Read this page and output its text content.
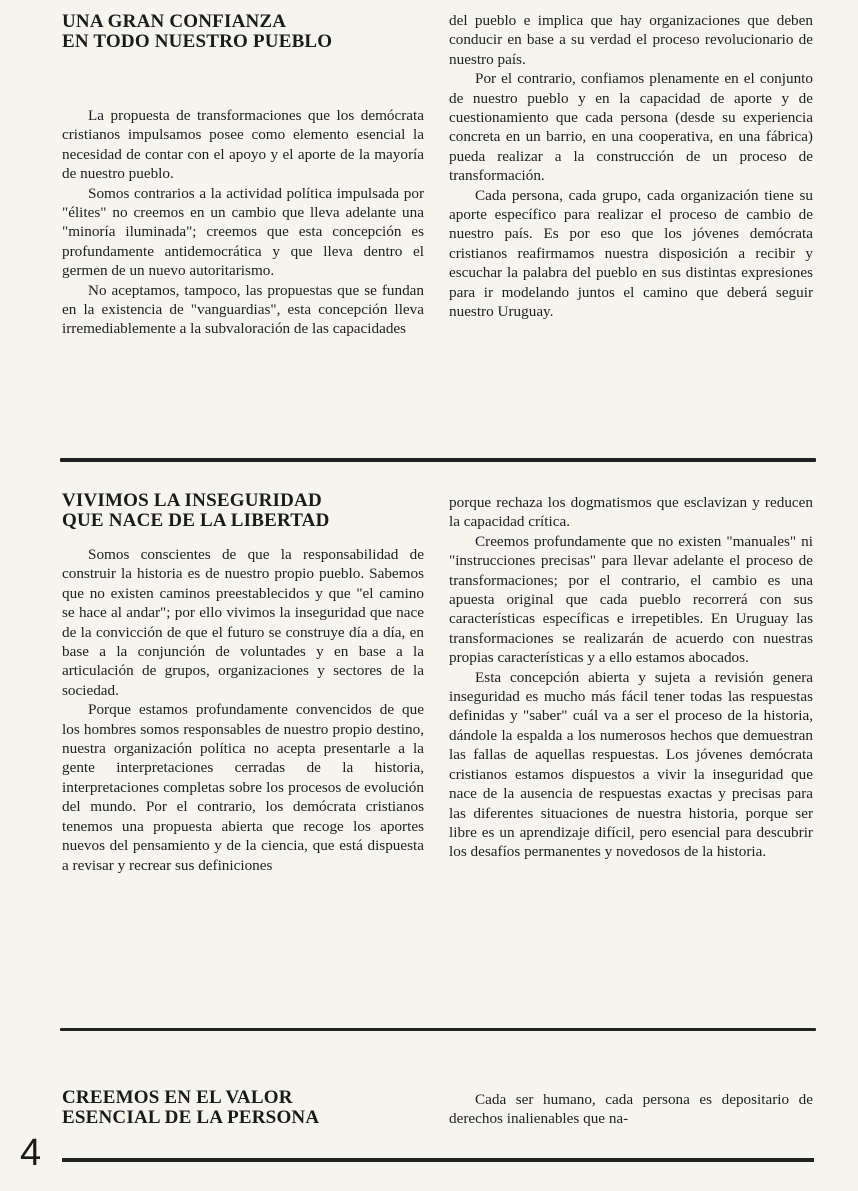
UNA GRAN CONFIANZA
EN TODO NUESTRO PUEBLO

La propuesta de transformaciones que los demócrata cristianos impulsamos posee como elemento esencial la necesidad de contar con el apoyo y el aporte de la mayoría de nuestro pueblo.

Somos contrarios a la actividad política impulsada por "élites" no creemos en un cambio que lleva adelante una "minoría iluminada"; creemos que esta concepción es profundamente antidemocrática y que lleva dentro el germen de un nuevo autoritarismo.

No aceptamos, tampoco, las propuestas que se fundan en la existencia de "vanguardias", esta concepción lleva irremediablemente a la subvaloración de las capacidades

del pueblo e implica que hay organizaciones que deben conducir en base a su verdad el proceso revolucionario de nuestro país.

Por el contrario, confiamos plenamente en el conjunto de nuestro pueblo y en la capacidad de aporte y de cuestionamiento que cada persona (desde su experiencia concreta en un barrio, en una cooperativa, en una fábrica) pueda realizar a la construcción de un proceso de transformación.

Cada persona, cada grupo, cada organización tiene su aporte específico para realizar el proceso de cambio de nuestro país. Es por eso que los jóvenes demócrata cristianos reafirmamos nuestra disposición a recibir y escuchar la palabra del pueblo en sus distintas expresiones para ir modelando juntos el camino que deberá seguir nuestro Uruguay.

VIVIMOS LA INSEGURIDAD
QUE NACE DE LA LIBERTAD

Somos conscientes de que la responsabilidad de construir la historia es de nuestro propio pueblo. Sabemos que no existen caminos preestablecidos y que "el camino se hace al andar"; por ello vivimos la inseguridad que nace de la convicción de que el futuro se construye día a día, en base a la conjunción de voluntades y en base a la articulación de grupos, organizaciones y sectores de la sociedad.

Porque estamos profundamente convencidos de que los hombres somos responsables de nuestro propio destino, nuestra organización política no acepta presentarle a la gente interpretaciones cerradas de la historia, interpretaciones completas sobre los procesos de evolución del mundo. Por el contrario, los demócrata cristianos tenemos una propuesta abierta que recoge los aportes nuevos del pensamiento y de la ciencia, que está dispuesta a revisar y recrear sus definiciones

porque rechaza los dogmatismos que esclavizan y reducen la capacidad crítica.

Creemos profundamente que no existen "manuales" ni "instrucciones precisas" para llevar adelante el proceso de transformaciones; por el contrario, el cambio es una apuesta original que cada pueblo recorrerá con sus características específicas e irrepetibles. En Uruguay las transformaciones se realizarán de acuerdo con nuestras propias características y a ello estamos abocados.

Esta concepción abierta y sujeta a revisión genera inseguridad es mucho más fácil tener todas las respuestas definidas y "saber" cuál va a ser el proceso de la historia, dándole la espalda a los numerosos hechos que demuestran las fallas de aquellas respuestas. Los jóvenes demócrata cristianos estamos dispuestos a vivir la inseguridad que nace de la ausencia de respuestas exactas y precisas para las diferentes situaciones de nuestra historia, porque ser libre es un aprendizaje difícil, pero esencial para descubrir los desafíos permanentes y novedosos de la historia.

CREEMOS EN EL VALOR
ESENCIAL DE LA PERSONA

Cada ser humano, cada persona es depositario de derechos inalienables que na-

4
